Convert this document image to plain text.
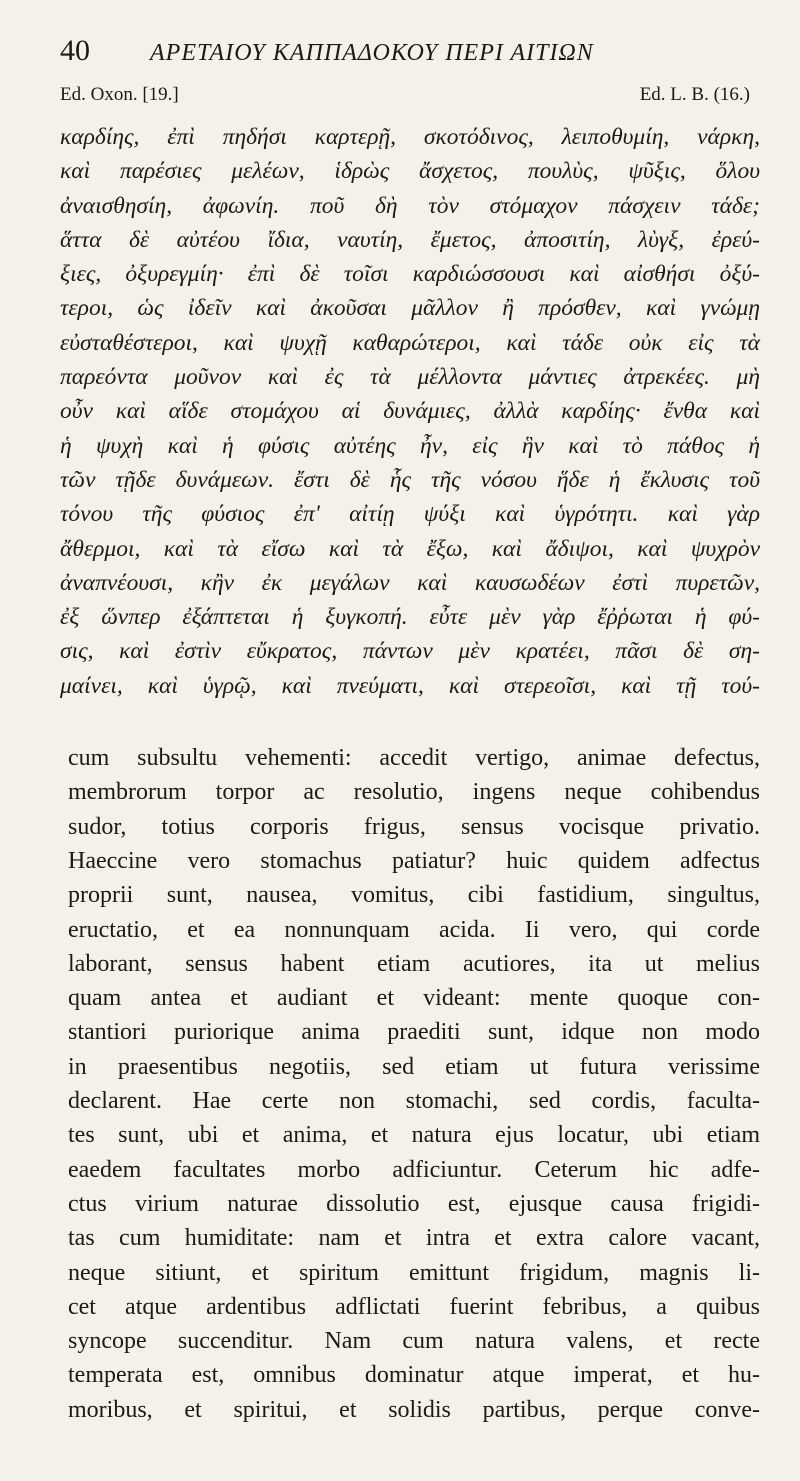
40	ΑΡΕΤΑΙΟΥ ΚΑΠΠΑΔΟΚΟΥ ΠΕΡΙ ΑΙΤΙΩΝ
Ed. Oxon. [19.]	Ed. L. B. (16.)
καρδίης, ἐπὶ πηδήσι καρτερῇ, σκοτόδινος, λειποθυμίη, νάρκη,
καὶ παρέσιες μελέων, ἱδρὼς ἄσχετος, πουλὺς, ψῦξις, ὅλου
ἀναισθησίη, ἀφωνίη. ποῦ δὴ τὸν στόμαχον πάσχειν τάδε;
ἅττα δὲ αὐτέου ἴδια, ναυτίη, ἔμετος, ἀποσιτίη, λὺγξ, ἐρεύ-
ξιες, ὀξυρεγμίη· ἐπὶ δὲ τοῖσι καρδιώσσουσι καὶ αἰσθήσι ὀξύ-
τεροι, ὡς ἰδεῖν καὶ ἀκοῦσαι μᾶλλον ἢ πρόσθεν, καὶ γνώμῃ
εὐσταθέστεροι, καὶ ψυχῇ καθαρώτεροι, καὶ τάδε οὐκ εἰς τὰ
παρεόντα μοῦνον καὶ ἐς τὰ μέλλοντα μάντιες ἀτρεκέες. μὴ
οὖν καὶ αἵδε στομάχου αἱ δυνάμιες, ἀλλὰ καρδίης· ἔνθα καὶ
ἡ ψυχὴ καὶ ἡ φύσις αὐτέης ἦν, εἰς ἣν καὶ τὸ πάθος ἡ
τῶν τῇδε δυνάμεων. ἔστι δὲ ἧς τῆς νόσου ἥδε ἡ ἔκλυσις τοῦ
τόνου τῆς φύσιος ἐπ' αἰτίῃ ψύξι καὶ ὑγρότητι. καὶ γὰρ
ἄθερμοι, καὶ τὰ εἴσω καὶ τὰ ἔξω, καὶ ἄδιψοι, καὶ ψυχρὸν
ἀναπνέουσι, κἢν ἐκ μεγάλων καὶ καυσωδέων ἐστὶ πυρετῶν,
ἐξ ὥνπερ ἐξάπτεται ἡ ξυγκοπή. εὖτε μὲν γὰρ ἔῤῥωται ἡ φύ-
σις, καὶ ἐστὶν εὔκρατος, πάντων μὲν κρατέει, πᾶσι δὲ ση-
μαίνει, καὶ ὑγρῷ, καὶ πνεύματι, καὶ στερεοῖσι, καὶ τῇ τού-
cum subsultu vehementi: accedit vertigo, animae defectus,
membrorum torpor ac resolutio, ingens neque cohibendus
sudor, totius corporis frigus, sensus vocisque privatio.
Haeccine vero stomachus patiatur? huic quidem adfectus
proprii sunt, nausea, vomitus, cibi fastidium, singultus,
eructatio, et ea nonnunquam acida. Ii vero, qui corde
laborant, sensus habent etiam acutiores, ita ut melius
quam antea et audiant et videant: mente quoque con-
stantiori puriorique anima praediti sunt, idque non modo
in praesentibus negotiis, sed etiam ut futura verissime
declarent. Hae certe non stomachi, sed cordis, faculta-
tes sunt, ubi et anima, et natura ejus locatur, ubi etiam
eaedem facultates morbo adficiuntur. Ceterum hic adfe-
ctus virium naturae dissolutio est, ejusque causa frigidi-
tas cum humiditate: nam et intra et extra calore vacant,
neque sitiunt, et spiritum emittunt frigidum, magnis li-
cet atque ardentibus adflictati fuerint febribus, a quibus
syncope succenditur. Nam cum natura valens, et recte
temperata est, omnibus dominatur atque imperat, et hu-
moribus, et spiritui, et solidis partibus, perque conve-
